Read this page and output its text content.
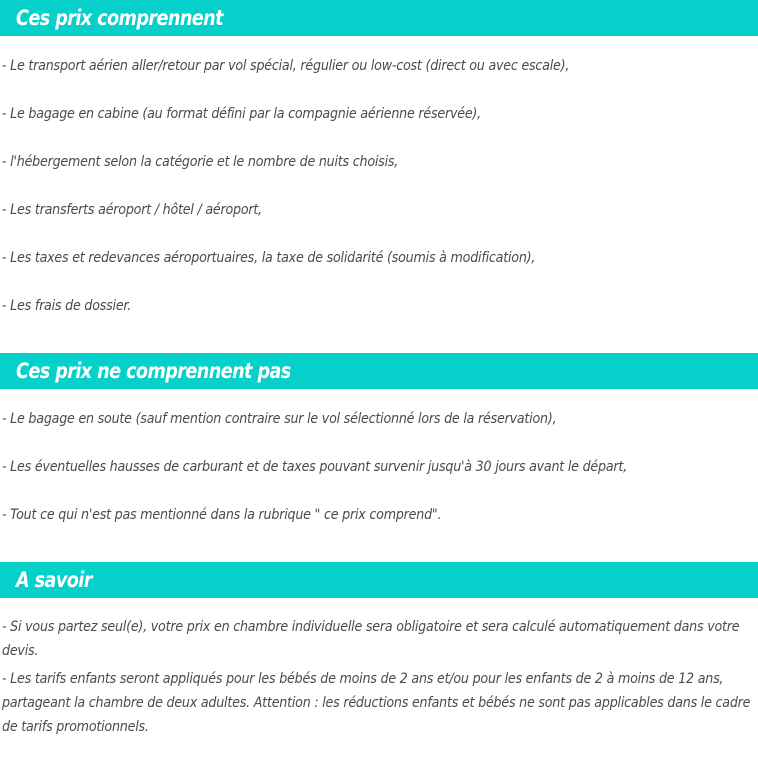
Ces prix comprennent
- Le transport aérien aller/retour par vol spécial, régulier ou low-cost (direct ou avec escale),
- Le bagage en cabine (au format défini par la compagnie aérienne réservée),
- l'hébergement selon la catégorie et le nombre de nuits choisis,
- Les transferts aéroport / hôtel / aéroport,
- Les taxes et redevances aéroportuaires, la taxe de solidarité (soumis à modification),
- Les frais de dossier.
Ces prix ne comprennent pas
- Le bagage en soute (sauf mention contraire sur le vol sélectionné lors de la réservation),
- Les éventuelles hausses de carburant et de taxes pouvant survenir jusqu'à 30 jours avant le départ,
- Tout ce qui n'est pas mentionné dans la rubrique " ce prix comprend".
A savoir

- Si vous partez seul(e), votre prix en chambre individuelle sera obligatoire et sera calculé automatiquement dans votre devis.

- Les tarifs enfants seront appliqués pour les bébés de moins de 2 ans et/ou pour les enfants de 2 à moins de 12 ans, partageant la chambre de deux adultes. Attention : les réductions enfants et bébés ne sont pas applicables dans le cadre de tarifs promotionnels.
